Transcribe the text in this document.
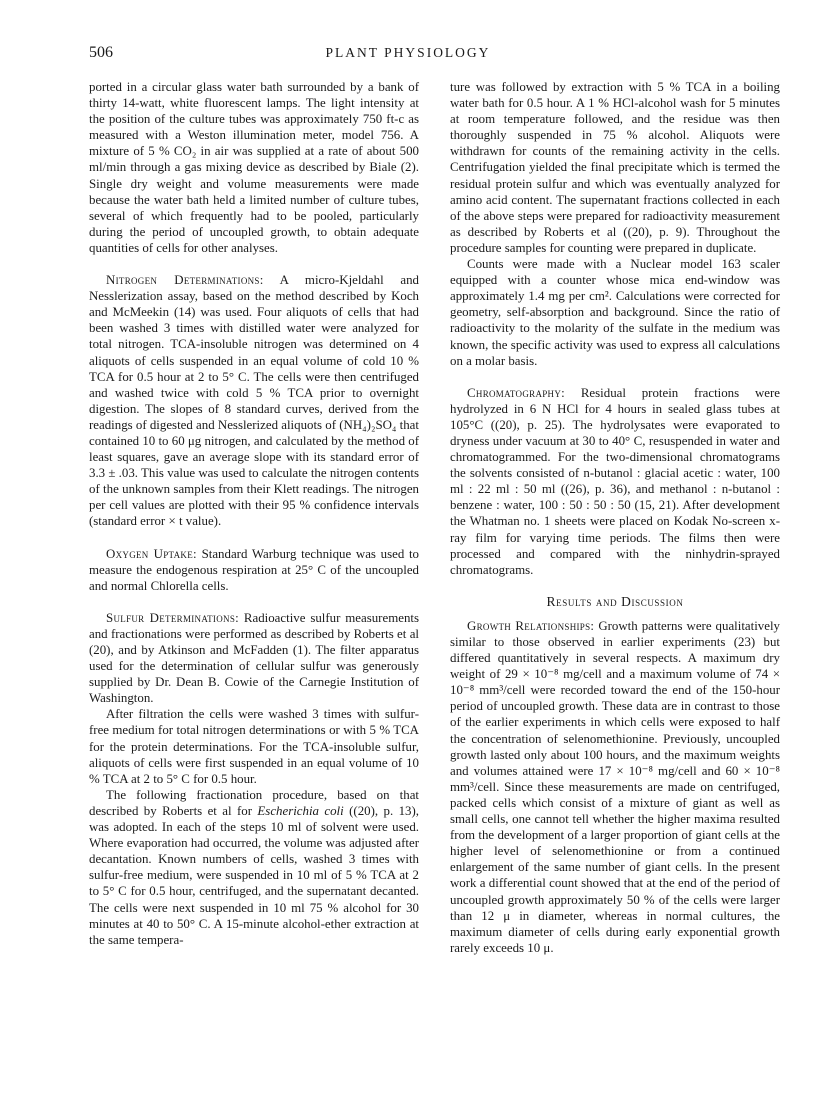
506	PLANT PHYSIOLOGY

ported in a circular glass water bath surrounded by a bank of thirty 14-watt, white fluorescent lamps. The light intensity at the position of the culture tubes was approximately 750 ft-c as measured with a Weston illumination meter, model 756. A mixture of 5 % CO₂ in air was supplied at a rate of about 500 ml/min through a gas mixing device as described by Biale (2). Single dry weight and volume measurements were made because the water bath held a limited number of culture tubes, several of which frequently had to be pooled, particularly during the period of uncoupled growth, to obtain adequate quantities of cells for other analyses.

Nitrogen Determinations: A micro-Kjeldahl and Nesslerization assay, based on the method described by Koch and McMeekin (14) was used. Four aliquots of cells that had been washed 3 times with distilled water were analyzed for total nitrogen. TCA-insoluble nitrogen was determined on 4 aliquots of cells suspended in an equal volume of cold 10 % TCA for 0.5 hour at 2 to 5° C. The cells were then centrifuged and washed twice with cold 5 % TCA prior to overnight digestion. The slopes of 8 standard curves, derived from the readings of digested and Nesslerized aliquots of (NH₄)₂SO₄ that contained 10 to 60 μg nitrogen, and calculated by the method of least squares, gave an average slope with its standard error of 3.3 ± .03. This value was used to calculate the nitrogen contents of the unknown samples from their Klett readings. The nitrogen per cell values are plotted with their 95 % confidence intervals (standard error × t value).

Oxygen Uptake: Standard Warburg technique was used to measure the endogenous respiration at 25° C of the uncoupled and normal Chlorella cells.

Sulfur Determinations: Radioactive sulfur measurements and fractionations were performed as described by Roberts et al (20), and by Atkinson and McFadden (1). The filter apparatus used for the determination of cellular sulfur was generously supplied by Dr. Dean B. Cowie of the Carnegie Institution of Washington.

After filtration the cells were washed 3 times with sulfur-free medium for total nitrogen determinations or with 5 % TCA for the protein determinations. For the TCA-insoluble sulfur, aliquots of cells were first suspended in an equal volume of 10 % TCA at 2 to 5° C for 0.5 hour.

The following fractionation procedure, based on that described by Roberts et al for Escherichia coli ((20), p. 13), was adopted. In each of the steps 10 ml of solvent were used. Where evaporation had occurred, the volume was adjusted after decantation. Known numbers of cells, washed 3 times with sulfur-free medium, were suspended in 10 ml of 5 % TCA at 2 to 5° C for 0.5 hour, centrifuged, and the supernatant decanted. The cells were next suspended in 10 ml 75 % alcohol for 30 minutes at 40 to 50° C. A 15-minute alcohol-ether extraction at the same tempera-

ture was followed by extraction with 5 % TCA in a boiling water bath for 0.5 hour. A 1 % HCl-alcohol wash for 5 minutes at room temperature followed, and the residue was then thoroughly suspended in 75 % alcohol. Aliquots were withdrawn for counts of the remaining activity in the cells. Centrifugation yielded the final precipitate which is termed the residual protein sulfur and which was eventually analyzed for amino acid content. The supernatant fractions collected in each of the above steps were prepared for radioactivity measurement as described by Roberts et al ((20), p. 9). Throughout the procedure samples for counting were prepared in duplicate.

Counts were made with a Nuclear model 163 scaler equipped with a counter whose mica end-window was approximately 1.4 mg per cm². Calculations were corrected for geometry, self-absorption and background. Since the ratio of radioactivity to the molarity of the sulfate in the medium was known, the specific activity was used to express all calculations on a molar basis.

Chromatography: Residual protein fractions were hydrolyzed in 6 N HCl for 4 hours in sealed glass tubes at 105°C ((20), p. 25). The hydrolysates were evaporated to dryness under vacuum at 30 to 40° C, resuspended in water and chromatogrammed. For the two-dimensional chromatograms the solvents consisted of n-butanol : glacial acetic : water, 100 ml : 22 ml : 50 ml ((26), p. 36), and methanol : n-butanol : benzene : water, 100 : 50 : 50 : 50 (15, 21). After development the Whatman no. 1 sheets were placed on Kodak No-screen x-ray film for varying time periods. The films then were processed and compared with the ninhydrin-sprayed chromatograms.

Results and Discussion

Growth Relationships: Growth patterns were qualitatively similar to those observed in earlier experiments (23) but differed quantitatively in several respects. A maximum dry weight of 29 × 10⁻⁸ mg/cell and a maximum volume of 74 × 10⁻⁸ mm³/cell were recorded toward the end of the 150-hour period of uncoupled growth. These data are in contrast to those of the earlier experiments in which cells were exposed to half the concentration of selenomethionine. Previously, uncoupled growth lasted only about 100 hours, and the maximum weights and volumes attained were 17 × 10⁻⁸ mg/cell and 60 × 10⁻⁸ mm³/cell. Since these measurements are made on centrifuged, packed cells which consist of a mixture of giant as well as small cells, one cannot tell whether the higher maxima resulted from the development of a larger proportion of giant cells at the higher level of selenomethionine or from a continued enlargement of the same number of giant cells. In the present work a differential count showed that at the end of the period of uncoupled growth approximately 50 % of the cells were larger than 12 μ in diameter, whereas in normal cultures, the maximum diameter of cells during early exponential growth rarely exceeds 10 μ.
